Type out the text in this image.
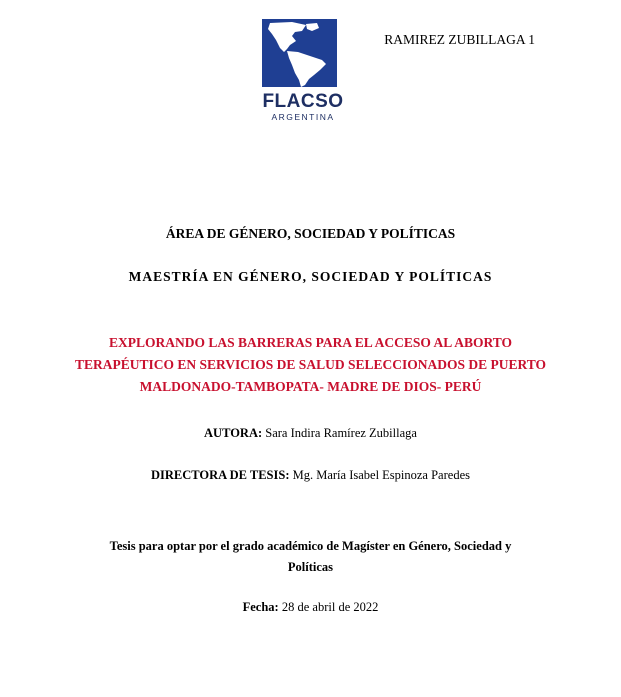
RAMIREZ ZUBILLAGA 1
FLACSO
ARGENTINA
ÁREA DE GÉNERO, SOCIEDAD Y POLÍTICAS
MAESTRÍA EN GÉNERO, SOCIEDAD Y POLÍTICAS
EXPLORANDO LAS BARRERAS PARA EL ACCESO AL ABORTO
TERAPÉUTICO EN SERVICIOS DE SALUD SELECCIONADOS DE PUERTO
MALDONADO-TAMBOPATA- MADRE DE DIOS- PERÚ
AUTORA: Sara Indira Ramírez Zubillaga
DIRECTORA DE TESIS: Mg. María Isabel Espinoza Paredes
Tesis para optar por el grado académico de Magíster en Género, Sociedad y
Políticas
Fecha: 28 de abril de 2022
